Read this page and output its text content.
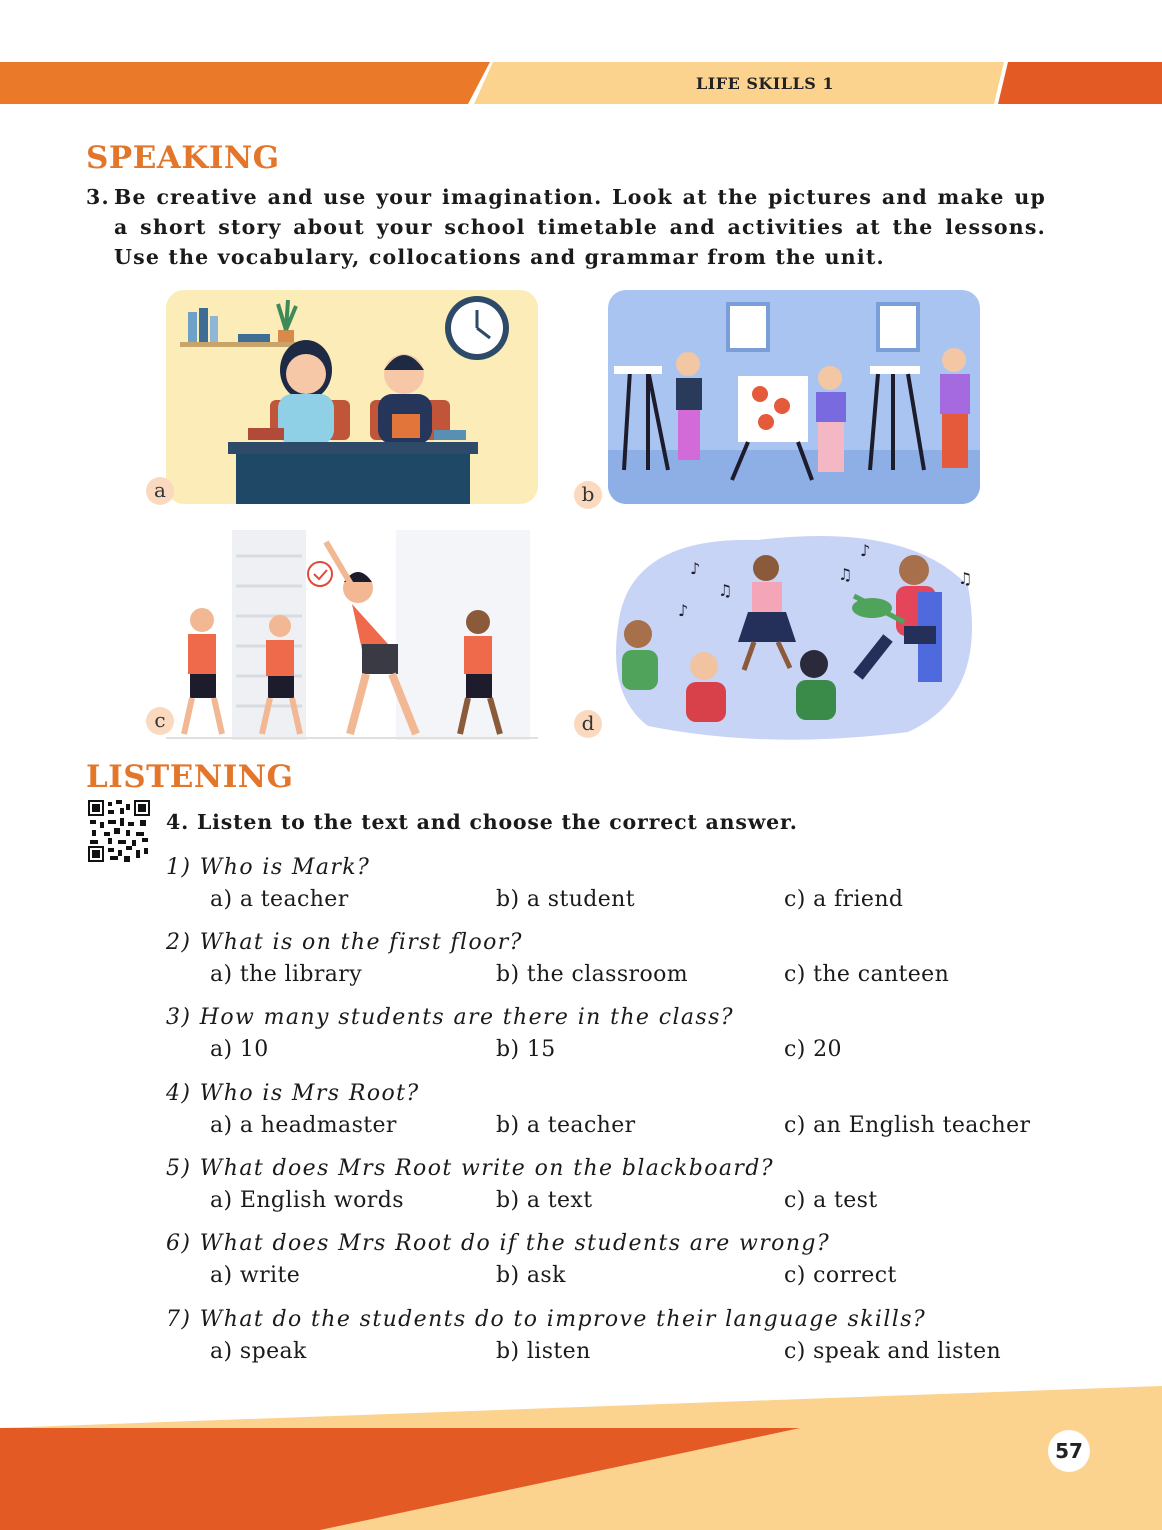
LIFE SKILLS 1
SPEAKING
3. Be creative and use your imagination. Look at the pictures and make up a short story about your school timetable and activities at the lessons. Use the vocabulary, collocations and grammar from the unit.
a	b
c
♪
♫
♪
♫
♪
♫
d
LISTENING
4. Listen to the text and choose the correct answer.
1) Who is Mark?
a) a teacher	b) a student	c) a friend
2) What is on the first floor?
a) the library	b) the classroom	c) the canteen
3) How many students are there in the class?
a) 10	b) 15	c) 20
4) Who is Mrs Root?
a) a headmaster	b) a teacher	c) an English teacher
5) What does Mrs Root write on the blackboard?
a) English words	b) a text	c) a test
6) What does Mrs Root do if the students are wrong?
a) write	b) ask	c) correct
7) What do the students do to improve their language skills?
a) speak	b) listen	c) speak and listen
57
